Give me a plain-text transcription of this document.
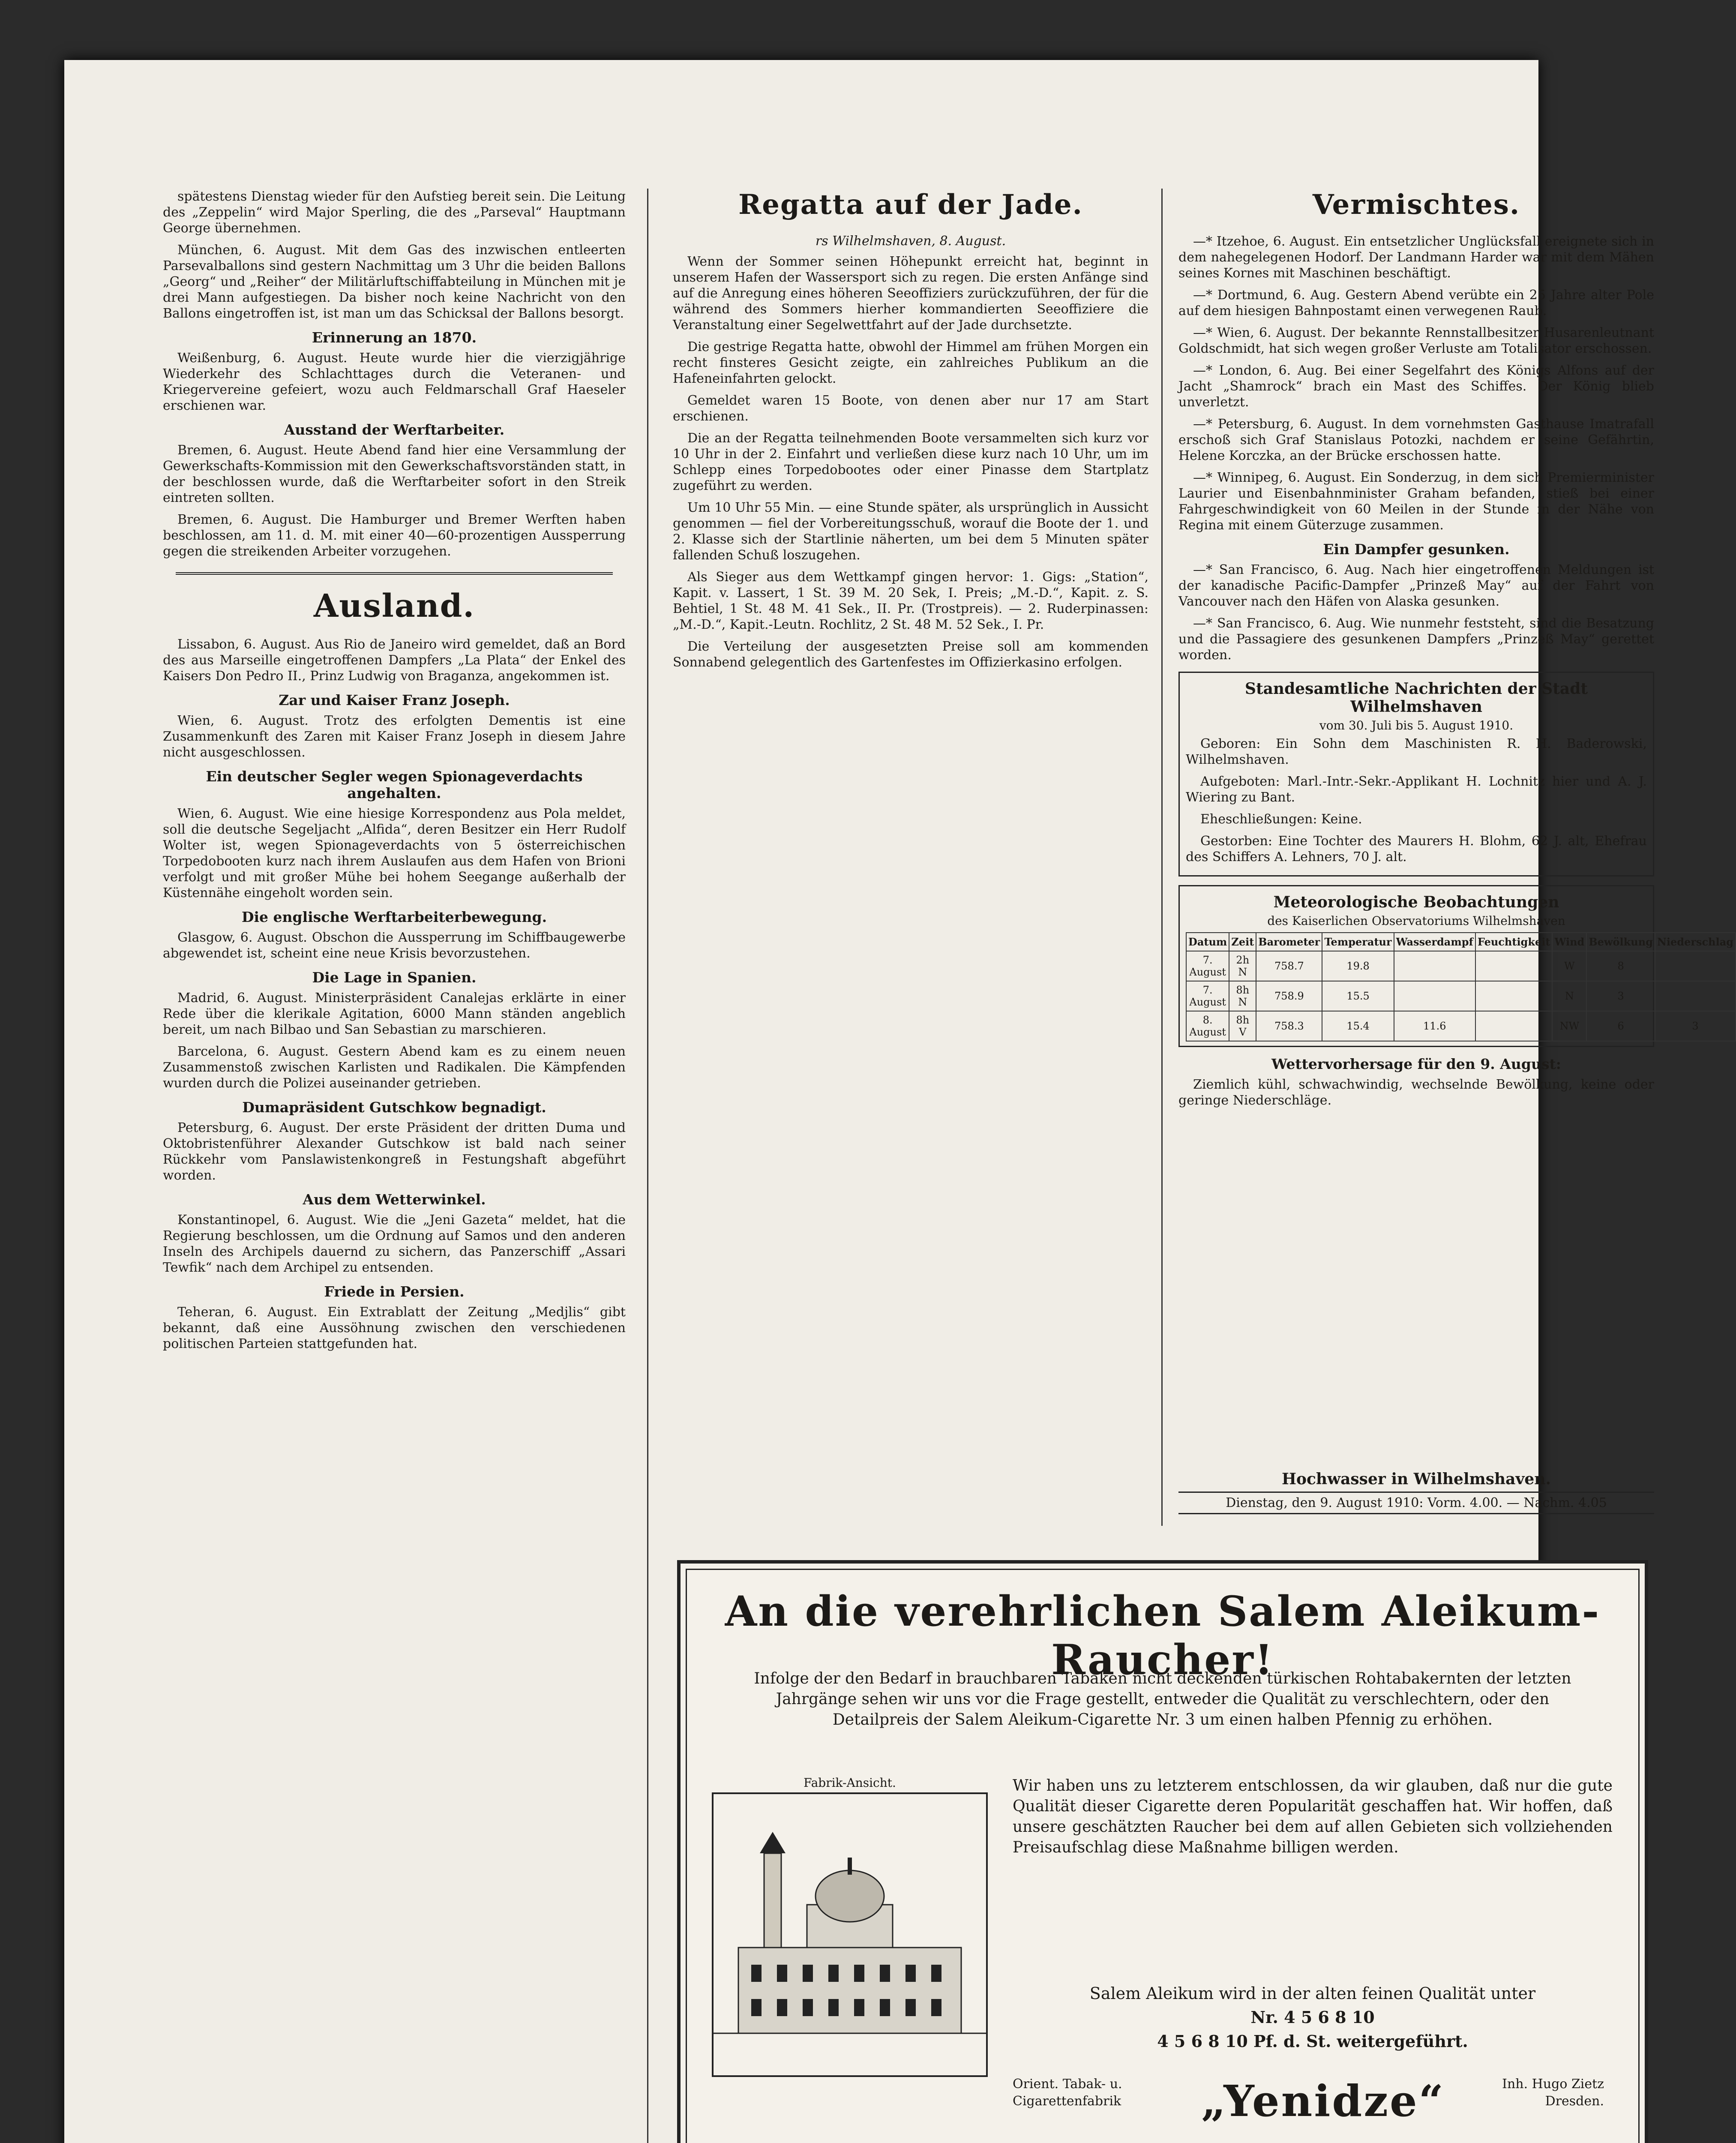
spätestens Dienstag wieder für den Aufstieg bereit sein. Die Leitung des „Zeppelin“ wird Major Sperling, die des „Parseval“ Hauptmann George übernehmen.

München, 6. August. Mit dem Gas des inzwischen entleerten Parsevalballons sind gestern Nachmittag um 3 Uhr die beiden Ballons „Georg“ und „Reiher“ der Militärluftschiffabteilung in München mit je drei Mann aufgestiegen. Da bisher noch keine Nachricht von den Ballons eingetroffen ist, ist man um das Schicksal der Ballons besorgt.

Erinnerung an 1870.

Weißenburg, 6. August. Heute wurde hier die vierzigjährige Wiederkehr des Schlachttages durch die Veteranen- und Kriegervereine gefeiert, wozu auch Feldmarschall Graf Haeseler erschienen war.

Ausstand der Werftarbeiter.

Bremen, 6. August. Heute Abend fand hier eine Versammlung der Gewerkschafts-Kommission mit den Gewerkschaftsvorständen statt, in der beschlossen wurde, daß die Werftarbeiter sofort in den Streik eintreten sollten.

Bremen, 6. August. Die Hamburger und Bremer Werften haben beschlossen, am 11. d. M. mit einer 40—60-prozentigen Aussperrung gegen die streikenden Arbeiter vorzugehen.

Ausland.

Lissabon, 6. August. Aus Rio de Janeiro wird gemeldet, daß an Bord des aus Marseille eingetroffenen Dampfers „La Plata“ der Enkel des Kaisers Don Pedro II., Prinz Ludwig von Braganza, angekommen ist.

Zar und Kaiser Franz Joseph.

Wien, 6. August. Trotz des erfolgten Dementis ist eine Zusammenkunft des Zaren mit Kaiser Franz Joseph in diesem Jahre nicht ausgeschlossen.

Ein deutscher Segler wegen Spionageverdachts angehalten.

Wien, 6. August. Wie eine hiesige Korrespondenz aus Pola meldet, soll die deutsche Segeljacht „Alfida“, deren Besitzer ein Herr Rudolf Wolter ist, wegen Spionageverdachts von 5 österreichischen Torpedobooten kurz nach ihrem Auslaufen aus dem Hafen von Brioni verfolgt und mit großer Mühe bei hohem Seegange außerhalb der Küstennähe eingeholt worden sein.

Die englische Werftarbeiterbewegung.

Glasgow, 6. August. Obschon die Aussperrung im Schiffbaugewerbe abgewendet ist, scheint eine neue Krisis bevorzustehen.

Die Lage in Spanien.

Madrid, 6. August. Ministerpräsident Canalejas erklärte in einer Rede über die klerikale Agitation, 6000 Mann ständen angeblich bereit, um nach Bilbao und San Sebastian zu marschieren.

Barcelona, 6. August. Gestern Abend kam es zu einem neuen Zusammenstoß zwischen Karlisten und Radikalen. Die Kämpfenden wurden durch die Polizei auseinander getrieben.

Dumapräsident Gutschkow begnadigt.

Petersburg, 6. August. Der erste Präsident der dritten Duma und Oktobristenführer Alexander Gutschkow ist bald nach seiner Rückkehr vom Panslawistenkongreß in Festungshaft abgeführt worden.

Aus dem Wetterwinkel.

Konstantinopel, 6. August. Wie die „Jeni Gazeta“ meldet, hat die Regierung beschlossen, um die Ordnung auf Samos und den anderen Inseln des Archipels dauernd zu sichern, das Panzerschiff „Assari Tewfik“ nach dem Archipel zu entsenden.

Friede in Persien.

Teheran, 6. August. Ein Extrablatt der Zeitung „Medjlis“ gibt bekannt, daß eine Aussöhnung zwischen den verschiedenen politischen Parteien stattgefunden hat.

Regatta auf der Jade.
rs Wilhelmshaven, 8. August.

Wenn der Sommer seinen Höhepunkt erreicht hat, beginnt in unserem Hafen der Wassersport sich zu regen. Die ersten Anfänge sind auf die Anregung eines höheren Seeoffiziers zurückzuführen, der für die während des Sommers hierher kommandierten Seeoffiziere die Veranstaltung einer Segelwettfahrt auf der Jade durchsetzte.

Die gestrige Regatta hatte, obwohl der Himmel am frühen Morgen ein recht finsteres Gesicht zeigte, ein zahlreiches Publikum an die Hafeneinfahrten gelockt.

Gemeldet waren 15 Boote, von denen aber nur 17 am Start erschienen.

Die an der Regatta teilnehmenden Boote versammelten sich kurz vor 10 Uhr in der 2. Einfahrt und verließen diese kurz nach 10 Uhr, um im Schlepp eines Torpedobootes oder einer Pinasse dem Startplatz zugeführt zu werden.

Um 10 Uhr 55 Min. — eine Stunde später, als ursprünglich in Aussicht genommen — fiel der Vorbereitungsschuß, worauf die Boote der 1. und 2. Klasse sich der Startlinie näherten, um bei dem 5 Minuten später fallenden Schuß loszugehen.

Als Sieger aus dem Wettkampf gingen hervor: 1. Gigs: „Station“, Kapit. v. Lassert, 1 St. 39 M. 20 Sek, I. Preis; „M.-D.“, Kapit. z. S. Behtiel, 1 St. 48 M. 41 Sek., II. Pr. (Trostpreis). — 2. Ruderpinassen: „M.-D.“, Kapit.-Leutn. Rochlitz, 2 St. 48 M. 52 Sek., I. Pr.

Die Verteilung der ausgesetzten Preise soll am kommenden Sonnabend gelegentlich des Gartenfestes im Offizierkasino erfolgen.

Vermischtes.

—* Itzehoe, 6. August. Ein entsetzlicher Unglücksfall ereignete sich in dem nahegelegenen Hodorf. Der Landmann Harder war mit dem Mähen seines Kornes mit Maschinen beschäftigt.

—* Dortmund, 6. Aug. Gestern Abend verübte ein 25 Jahre alter Pole auf dem hiesigen Bahnpostamt einen verwegenen Raub.

—* Wien, 6. August. Der bekannte Rennstallbesitzer Husarenleutnant Goldschmidt, hat sich wegen großer Verluste am Totalisator erschossen.

—* London, 6. Aug. Bei einer Segelfahrt des Königs Alfons auf der Jacht „Shamrock“ brach ein Mast des Schiffes. Der König blieb unverletzt.

—* Petersburg, 6. August. In dem vornehmsten Gasthause Imatrafall erschoß sich Graf Stanislaus Potozki, nachdem er seine Gefährtin, Helene Korczka, an der Brücke erschossen hatte.

—* Winnipeg, 6. August. Ein Sonderzug, in dem sich Premierminister Laurier und Eisenbahnminister Graham befanden, stieß bei einer Fahrgeschwindigkeit von 60 Meilen in der Stunde in der Nähe von Regina mit einem Güterzuge zusammen.

Ein Dampfer gesunken.

—* San Francisco, 6. Aug. Nach hier eingetroffenen Meldungen ist der kanadische Pacific-Dampfer „Prinzeß May“ auf der Fahrt von Vancouver nach den Häfen von Alaska gesunken.

—* San Francisco, 6. Aug. Wie nunmehr feststeht, sind die Besatzung und die Passagiere des gesunkenen Dampfers „Prinzeß May“ gerettet worden.

Standesamtliche Nachrichten der Stadt Wilhelmshaven
vom 30. Juli bis 5. August 1910.

Geboren: Ein Sohn dem Maschinisten R. H. Baderowski, Wilhelmshaven.

Aufgeboten: Marl.-Intr.-Sekr.-Applikant H. Lochnitz hier und A. J. Wiering zu Bant.

Eheschließungen: Keine.

Gestorben: Eine Tochter des Maurers H. Blohm, 62 J. alt, Ehefrau des Schiffers A. Lehners, 70 J. alt.

Meteorologische Beobachtungen
des Kaiserlichen Observatoriums Wilhelmshaven
Datum	Zeit	Barometer	Temperatur	Wasserdampf	Feuchtigkeit	Wind	Bewölkung	Niederschlag
7. August	2h N	758.7	19.8			W	8	
7. August	8h N	758.9	15.5			N	3	
8. August	8h V	758.3	15.4	11.6		NW	6	3
Wettervorhersage für den 9. August:

Ziemlich kühl, schwachwindig, wechselnde Bewölkung, keine oder geringe Niederschläge.

Hochwasser in Wilhelmshaven.
Dienstag, den 9. August 1910: Vorm. 4.00. — Nachm. 4.05
An die verehrlichen Salem Aleikum-Raucher!
Infolge der den Bedarf in brauchbaren Tabaken nicht deckenden türkischen Rohtabakernten der letzten Jahrgänge sehen wir uns vor die Frage gestellt, entweder die Qualität zu verschlechtern, oder den Detailpreis der Salem Aleikum-Cigarette Nr. 3 um einen halben Pfennig zu erhöhen.
Fabrik-Ansicht.	Wir haben uns zu letzterem entschlossen, da wir glauben, daß nur die gute Qualität dieser Cigarette deren Popularität geschaffen hat. Wir hoffen, daß unsere geschätzten Raucher bei dem auf allen Gebieten sich vollziehenden Preisaufschlag diese Maßnahme billigen werden.
Salem Aleikum wird in der alten feinen Qualität unter
Nr. 4 5 6 8 10
4 5 6 8 10 Pf. d. St. weitergeführt.
Orient. Tabak- u.
Cigarettenfabrik „Yenidze“	Inh. Hugo Zietz
Dresden.
